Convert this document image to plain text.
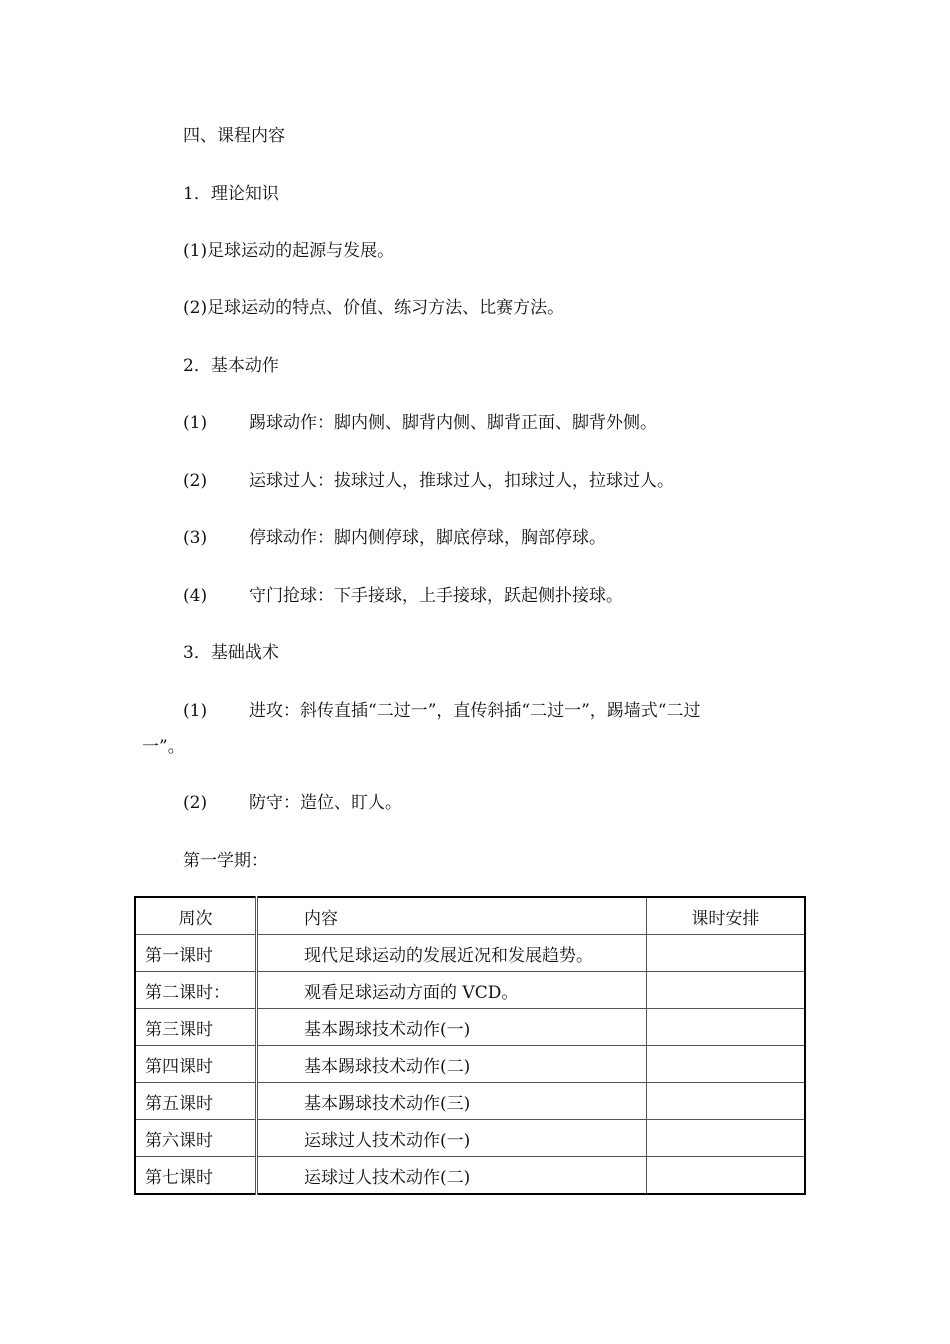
四、课程内容
1．理论知识
(1)足球运动的起源与发展。
(2)足球运动的特点、价值、练习方法、比赛方法。
2．基本动作
(1) 踢球动作：脚内侧、脚背内侧、脚背正面、脚背外侧。
(2) 运球过人：拔球过人，推球过人，扣球过人，拉球过人。
(3) 停球动作：脚内侧停球，脚底停球，胸部停球。
(4) 守门抢球：下手接球，上手接球，跃起侧扑接球。
3．基础战术
(1) 进攻：斜传直插“二过一”，直传斜插“二过一”，踢墙式“二过
一”。
(2) 防守：造位、盯人。
第一学期：
周次	内容	课时安排
第一课时	现代足球运动的发展近况和发展趋势。	
第二课时：	观看足球运动方面的 VCD。	
第三课时	基本踢球技术动作(一)	
第四课时	基本踢球技术动作(二)	
第五课时	基本踢球技术动作(三)	
第六课时	运球过人技术动作(一)	
第七课时	运球过人技术动作(二)	
